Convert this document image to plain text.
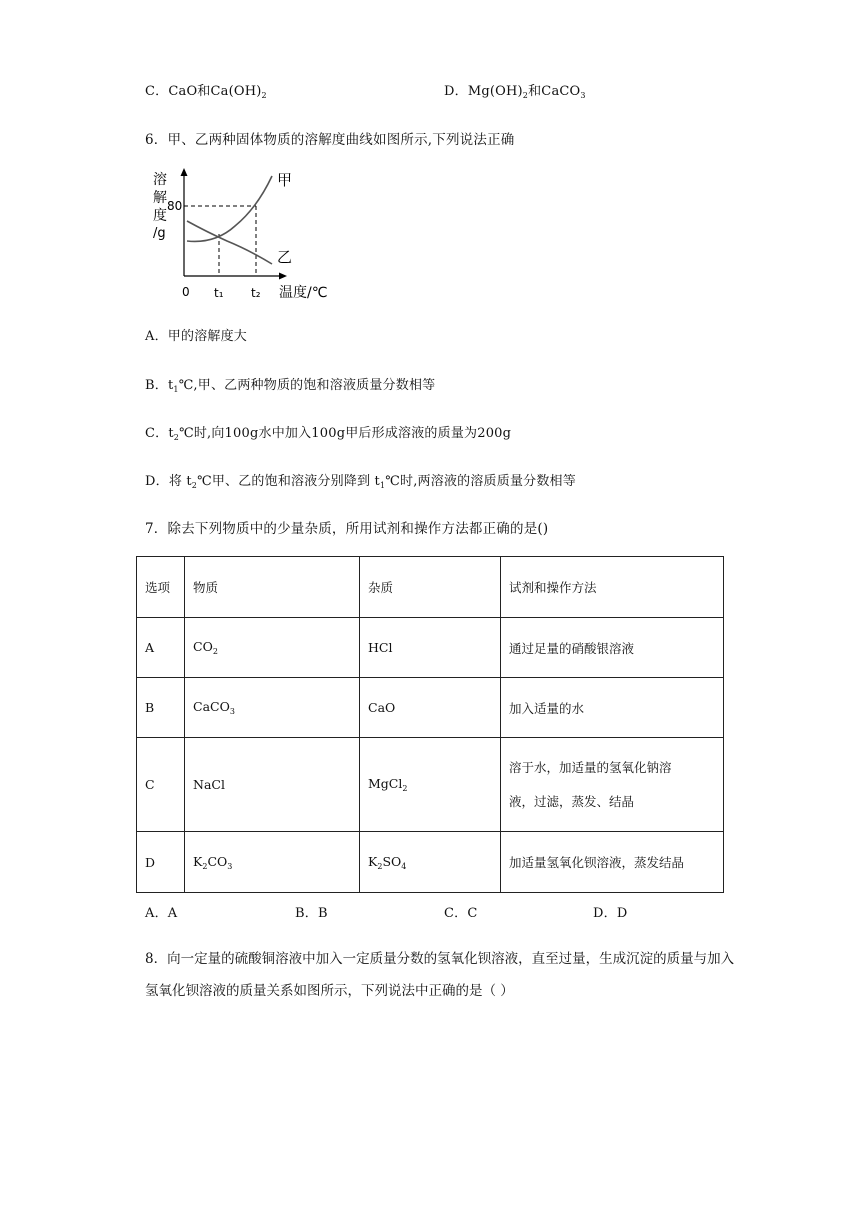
C．CaO和$Ca(OH)_2$	D．$Mg(OH)_2$和CaCO$_3$
6．甲、乙两种固体物质的溶解度曲线如图所示,下列说法正确
溶
解
度
/g
80
0 t₁ t₂ 温度/℃
甲
乙
A．甲的溶解度大
B．$t_1℃$,甲、乙两种物质的饱和溶液质量分数相等
C．$t_2℃$时,向100g水中加入100g甲后形成溶液的质量为200g
D．将 $t_2℃$甲、乙的饱和溶液分别降到 $t_1℃$时,两溶液的溶质质量分数相等
7．除去下列物质中的少量杂质，所用试剂和操作方法都正确的是()
选项	物质	杂质	试剂和操作方法
A	$CO_2$	HCl	通过足量的硝酸银溶液
B	CaCO$_3$	CaO	加入适量的水
C	NaCl	MgCl$_2$	溶于水，加适量的氢氧化钠溶
液，过滤，蒸发、结晶

D	$K_2CO_3$	$K_2SO_4$	加适量氢氧化钡溶液，蒸发结晶
A．A	B．B	C．C	D．D
8．向一定量的硫酸铜溶液中加入一定质量分数的氢氧化钡溶液，直至过量，生成沉淀的质量与加入氢氧化钡溶液的质量关系如图所示，下列说法中正确的是（ ）
